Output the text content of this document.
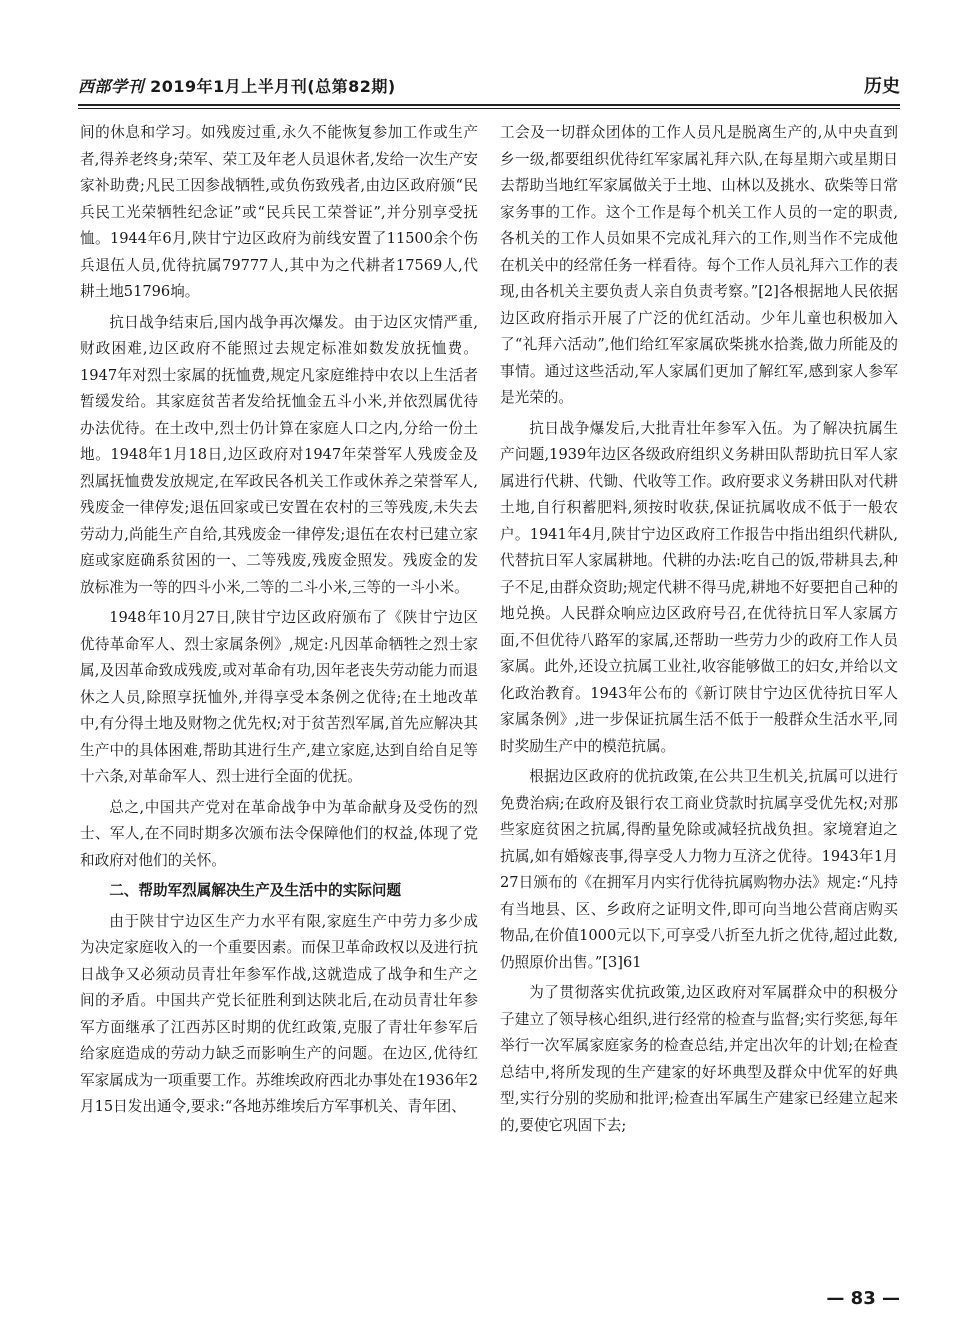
西部学刊 2019年1月上半月刊(总第82期)	历史

间的休息和学习。如残废过重,永久不能恢复参加工作或生产者,得养老终身;荣军、荣工及年老人员退休者,发给一次生产安家补助费;凡民工因参战牺牲,或负伤致残者,由边区政府颁“民兵民工光荣牺牲纪念证”或“民兵民工荣誉证”,并分别享受抚恤。1944年6月,陕甘宁边区政府为前线安置了11500余个伤兵退伍人员,优待抗属79777人,其中为之代耕者17569人,代耕土地51796垧。

抗日战争结束后,国内战争再次爆发。由于边区灾情严重,财政困难,边区政府不能照过去规定标准如数发放抚恤费。1947年对烈士家属的抚恤费,规定凡家庭维持中农以上生活者暂缓发给。其家庭贫苦者发给抚恤金五斗小米,并依烈属优待办法优待。在土改中,烈士仍计算在家庭人口之内,分给一份土地。1948年1月18日,边区政府对1947年荣誉军人残废金及烈属抚恤费发放规定,在军政民各机关工作或休养之荣誉军人,残废金一律停发;退伍回家或已安置在农村的三等残废,未失去劳动力,尚能生产自给,其残废金一律停发;退伍在农村已建立家庭或家庭确系贫困的一、二等残废,残废金照发。残废金的发放标准为一等的四斗小米,二等的二斗小米,三等的一斗小米。

1948年10月27日,陕甘宁边区政府颁布了《陕甘宁边区优待革命军人、烈士家属条例》,规定:凡因革命牺牲之烈士家属,及因革命致成残废,或对革命有功,因年老丧失劳动能力而退休之人员,除照享抚恤外,并得享受本条例之优待;在土地改革中,有分得土地及财物之优先权;对于贫苦烈军属,首先应解决其生产中的具体困难,帮助其进行生产,建立家庭,达到自给自足等十六条,对革命军人、烈士进行全面的优抚。

总之,中国共产党对在革命战争中为革命献身及受伤的烈士、军人,在不同时期多次颁布法令保障他们的权益,体现了党和政府对他们的关怀。

二、帮助军烈属解决生产及生活中的实际问题

由于陕甘宁边区生产力水平有限,家庭生产中劳力多少成为决定家庭收入的一个重要因素。而保卫革命政权以及进行抗日战争又必须动员青壮年参军作战,这就造成了战争和生产之间的矛盾。中国共产党长征胜利到达陕北后,在动员青壮年参军方面继承了江西苏区时期的优红政策,克服了青壮年参军后给家庭造成的劳动力缺乏而影响生产的问题。在边区,优待红军家属成为一项重要工作。苏维埃政府西北办事处在1936年2月15日发出通令,要求:“各地苏维埃后方军事机关、青年团、

工会及一切群众团体的工作人员凡是脱离生产的,从中央直到乡一级,都要组织优待红军家属礼拜六队,在每星期六或星期日去帮助当地红军家属做关于土地、山林以及挑水、砍柴等日常家务事的工作。这个工作是每个机关工作人员的一定的职责,各机关的工作人员如果不完成礼拜六的工作,则当作不完成他在机关中的经常任务一样看待。每个工作人员礼拜六工作的表现,由各机关主要负责人亲自负责考察。”[2]各根据地人民依据边区政府指示开展了广泛的优红活动。少年儿童也积极加入了“礼拜六活动”,他们给红军家属砍柴挑水拾粪,做力所能及的事情。通过这些活动,军人家属们更加了解红军,感到家人参军是光荣的。

抗日战争爆发后,大批青壮年参军入伍。为了解决抗属生产问题,1939年边区各级政府组织义务耕田队帮助抗日军人家属进行代耕、代锄、代收等工作。政府要求义务耕田队对代耕土地,自行积蓄肥料,须按时收获,保证抗属收成不低于一般农户。1941年4月,陕甘宁边区政府工作报告中指出组织代耕队,代替抗日军人家属耕地。代耕的办法:吃自己的饭,带耕具去,种子不足,由群众资助;规定代耕不得马虎,耕地不好要把自己种的地兑换。人民群众响应边区政府号召,在优待抗日军人家属方面,不但优待八路军的家属,还帮助一些劳力少的政府工作人员家属。此外,还设立抗属工业社,收容能够做工的妇女,并给以文化政治教育。1943年公布的《新订陕甘宁边区优待抗日军人家属条例》,进一步保证抗属生活不低于一般群众生活水平,同时奖励生产中的模范抗属。

根据边区政府的优抗政策,在公共卫生机关,抗属可以进行免费治病;在政府及银行农工商业贷款时抗属享受优先权;对那些家庭贫困之抗属,得酌量免除或减轻抗战负担。家境窘迫之抗属,如有婚嫁丧事,得享受人力物力互济之优待。1943年1月27日颁布的《在拥军月内实行优待抗属购物办法》规定:“凡持有当地县、区、乡政府之证明文件,即可向当地公营商店购买物品,在价值1000元以下,可享受八折至九折之优待,超过此数,仍照原价出售。”[3]61

为了贯彻落实优抗政策,边区政府对军属群众中的积极分子建立了领导核心组织,进行经常的检查与监督;实行奖惩,每年举行一次军属家庭家务的检查总结,并定出次年的计划;在检查总结中,将所发现的生产建家的好坏典型及群众中优军的好典型,实行分别的奖励和批评;检查出军属生产建家已经建立起来的,要使它巩固下去;

— 83 —
